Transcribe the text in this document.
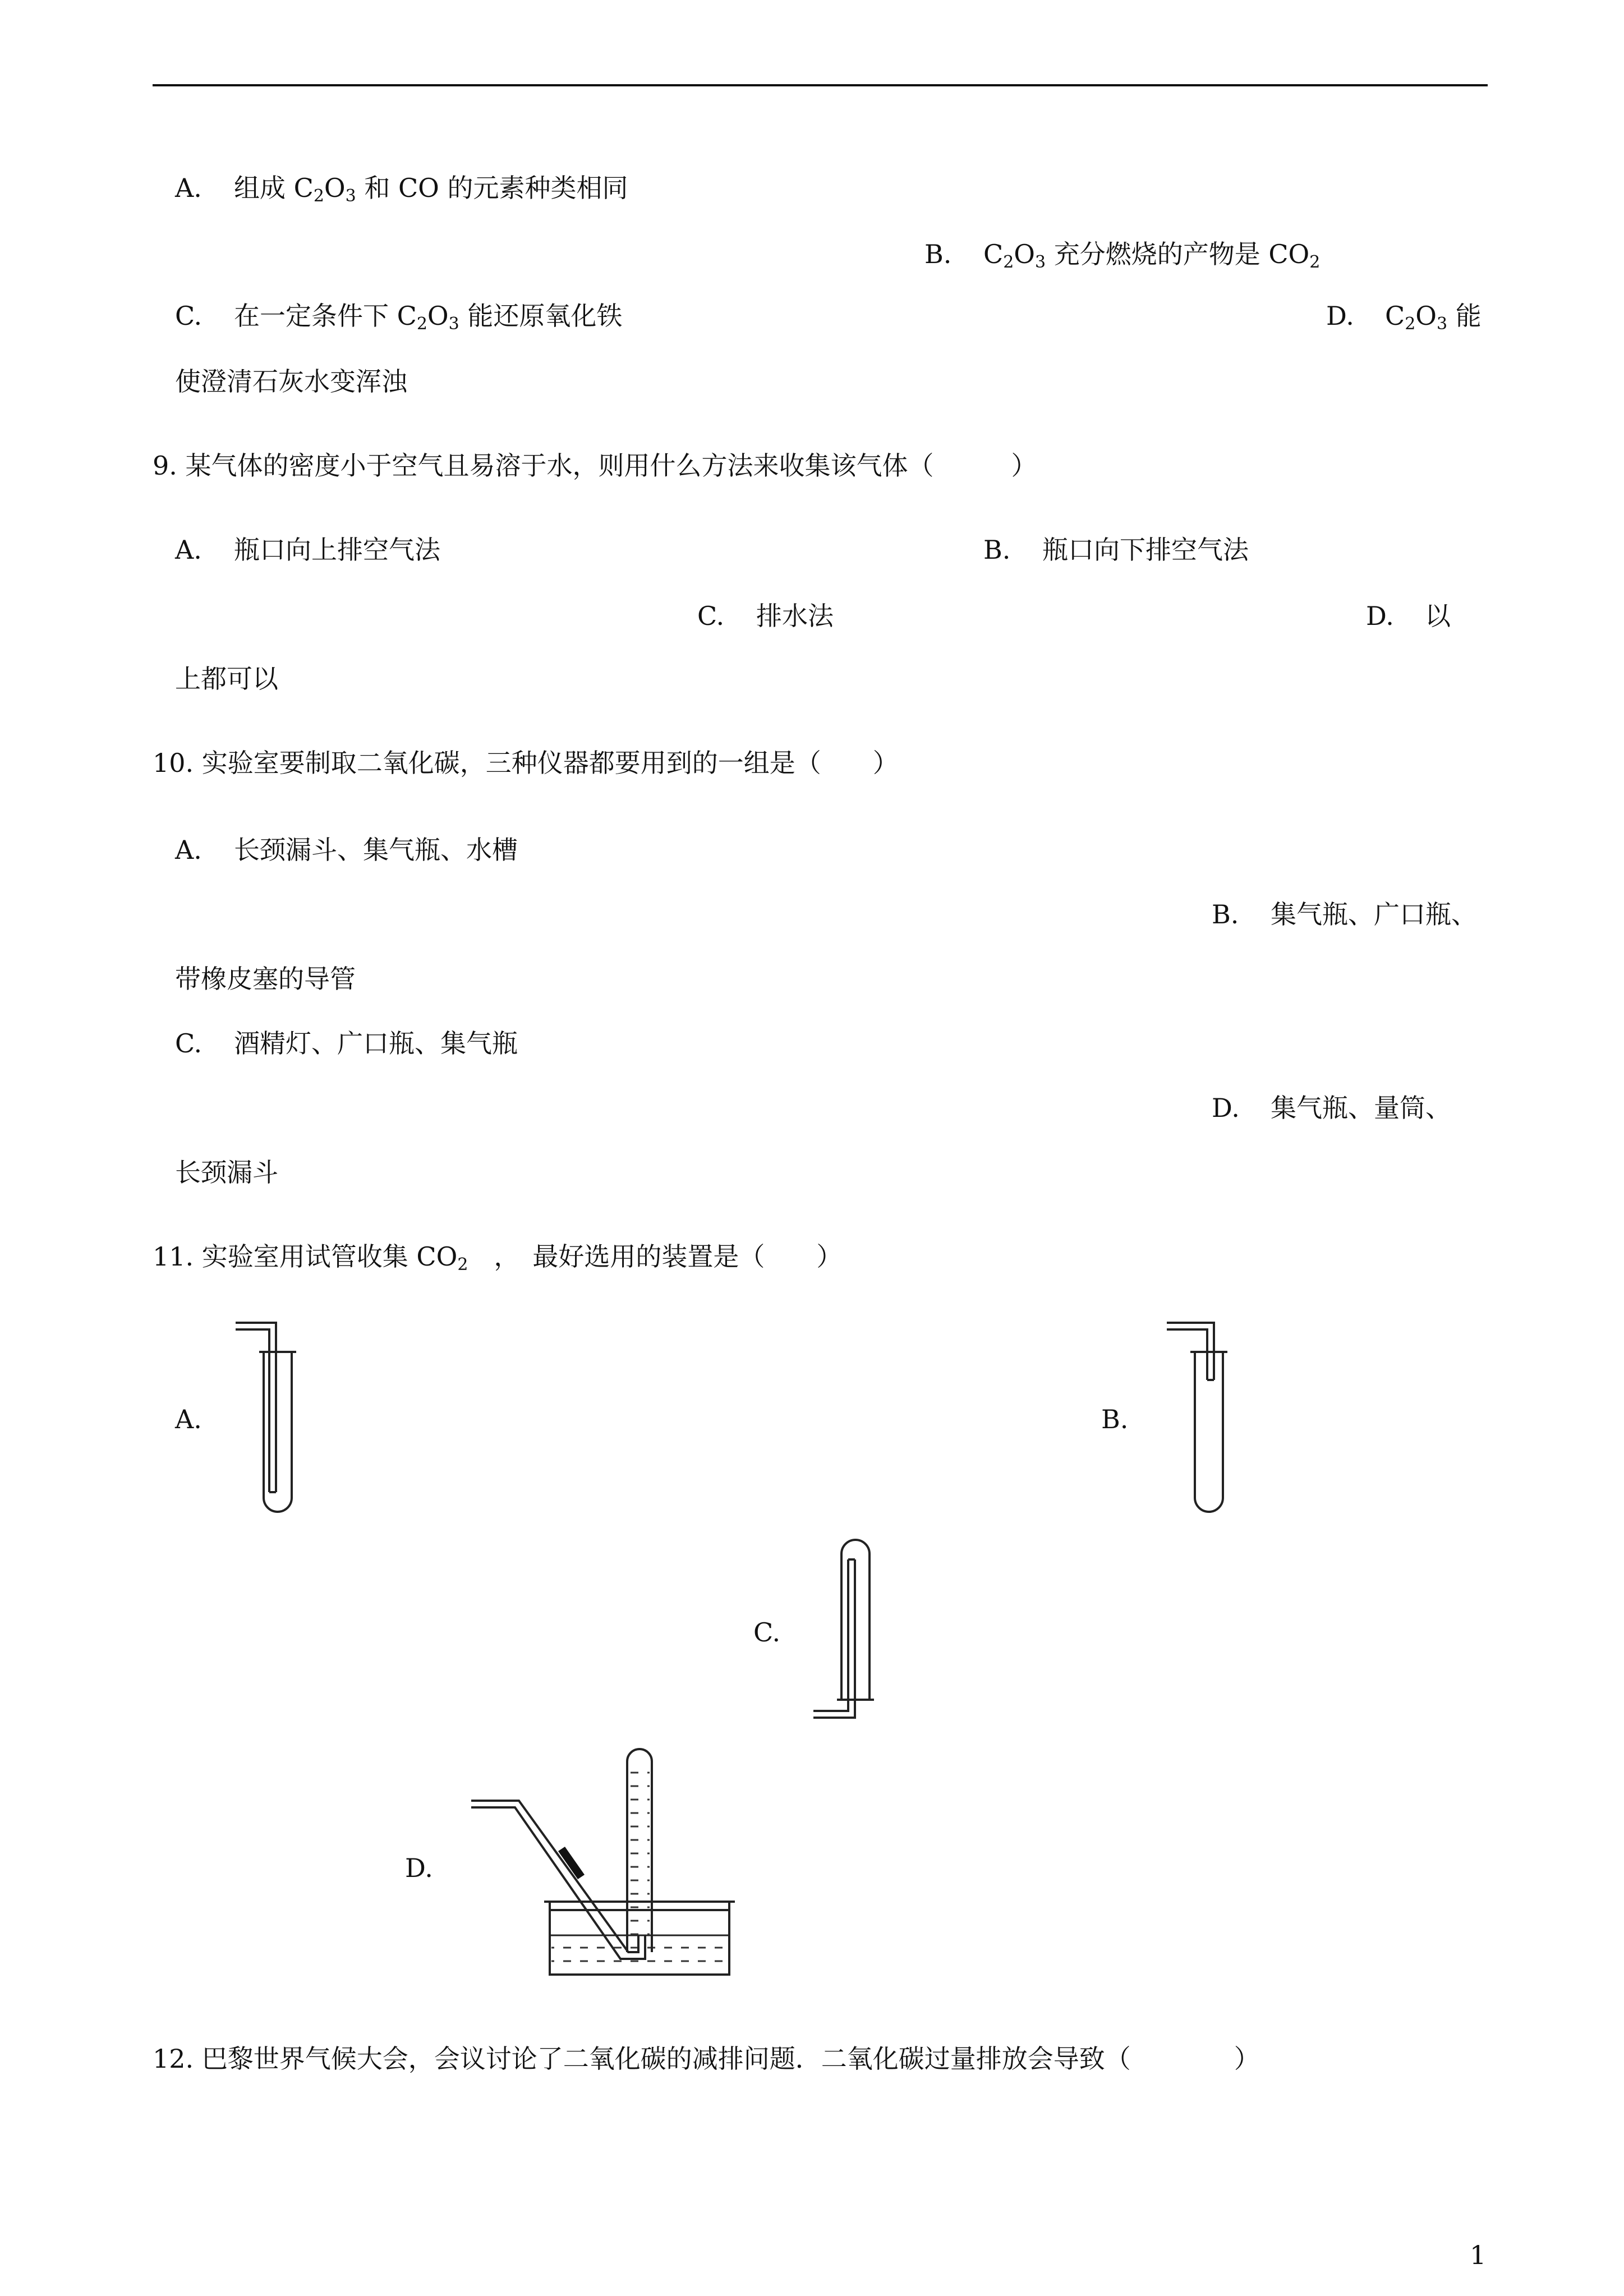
A. 组成 $C_2O_3$ 和 CO 的元素种类相同
B. $C_2O_3$ 充分燃烧的产物是 $CO_2$
C. 在一定条件下 $C_2O_3$ 能还原氧化铁	D. $C_2O_3$ 能
使澄清石灰水变浑浊
9. 某气体的密度小于空气且易溶于水，则用什么方法来收集该气体（　　　）
A. 瓶口向上排空气法	B. 瓶口向下排空气法
C. 排水法	D. 以
上都可以
10. 实验室要制取二氧化碳，三种仪器都要用到的一组是（　　）
A. 长颈漏斗、集气瓶、水槽
B. 集气瓶、广口瓶、
带橡皮塞的导管
C. 酒精灯、广口瓶、集气瓶
D. 集气瓶、量筒、
长颈漏斗
11. 实验室用试管收集 $CO_2$　，　最好选用的装置是（　　）
A.	B.
C.
D.
12. 巴黎世界气候大会，会议讨论了二氧化碳的减排问题．二氧化碳过量排放会导致（　　　　）
1
